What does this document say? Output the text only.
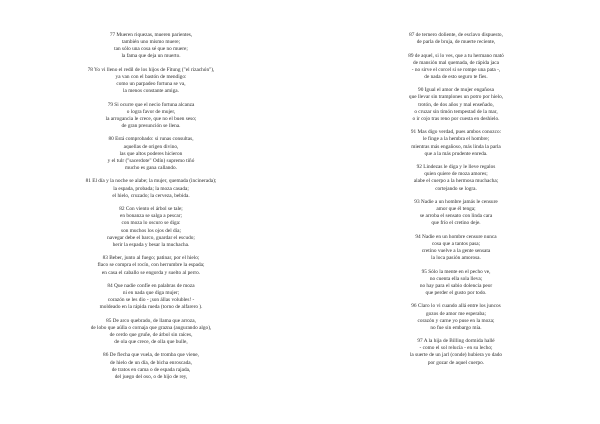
77 Mueren riquezas, mueren parientes,
también uno mismo muere;
tan sólo una cosa sé que no muere;
la fama que deja un muerto.
78 Yo vi lleno el redil de los hijos de Fitung ("el rizachón"),
ya van con el bastón de mendigo:
como un parpadeo fortuna se va,
la menos constante amiga.
79 Si ocurre que el necio fortuna alcanza
o logra favor de mujer,
la arrogancia le crece, que no el buen seso;
de gran presunción se llena.
80 Está comprobado: si runas consultas,
aquellas de origen divino,
las que altos poderes hicieron
y el tulr ("sacerdote" Odín) supremo tiñó
mucho es gana callando.
81 El día y la noche se alabe; la mujer, quemada (incinerada);
la espada, probada; la moza casada;
el hielo, cruzado; la cerveza, bebida.
82 Con viento el árbol se tale;
en bonanza se salga a pescar;
con moza lo oscuro se diga:
son muchos los ojos del día;
navegar debe el barco, guardar el escudo;
herir la espada y besar la muchacha.
83 Beber, junto al fuego; patinar, por el hielo;
flaco se compra el rocín, con herrumbre la espada;
en casa el caballo se engorda y suelto al perro.
84 Que nadie confíe en palabras de moza
ni en nada que diga mujer;
corazón se les dio - ¡son állas volubles! -
moldeado en la rápida rueda (torno de alfarero ).
85 De arco quebrado, de llama que arroza,
de lobo que aúlla o cornaja que grazna (augurando algo),
de cerdo que gruñe, de árbol sin raíces,
de ola que crece, de olla que bulle,
86 De flecha que vuela, de tromba que viene,
de hielo de un día, de bicha enroscada,
de tratos en cama o de espada rajada,
del juego del oso, o de hijo de rey,
87 de ternero doliente, de esclavo dispuesto,
de parla de bruja, de muerte reciente,
89 de aquel, si lo ves, que a tu hermano mató
de mansión mal quemada, de rápida jaca
- no sirve el corcel si se rompe una pata -,
de nada de esto seguro te fíes.
90 Igual el amor de mujer engañosa
que llevar sin tramplones un potro por hielo,
trotón, de dos años y mal enseñado,
o cruzar sin timón tempestad de la mar,
o ir cojo tras reno por cuesta en deshielo.
91 Mas digo verdad, pues ambos conozco:
le finge a la hembra el hombre;
mientras más engañoso, más linda la parla
que a la más prudente enreda.
92 Lindezas le diga y le lleve regalos
quien quiere de moza amores;
alabe el cuerpo a la hermosa muchacha;
cortejando se logra.
93 Nadie a un hombre jamás le censure
amor que él tenga;
se arroba el sensato con linda cara
que frío el cretino deje.
94 Nadie en un hombre censure nunca
cosa que a tantos pasa;
cretino vuelve a la gente sensata
la loca pasión amorosa.
95 Sólo la mente en el pecho ve,
no cuenta ella sola lleva;
no hay para el sabio dolencia peor
que perder el gusto por todo.
96 Claro lo vi cuando allá entre los juncos
gozos de amor me esperaba;
corazón y carne yo puse en la moza;
no fue sin embargo mía.
97 A la hija de Billing dormida hallé
- como el sol relucía - en su lecho;
la suerte de un jarl (conde) hubiera yo dado
por gozar de aquel cuerpo.
